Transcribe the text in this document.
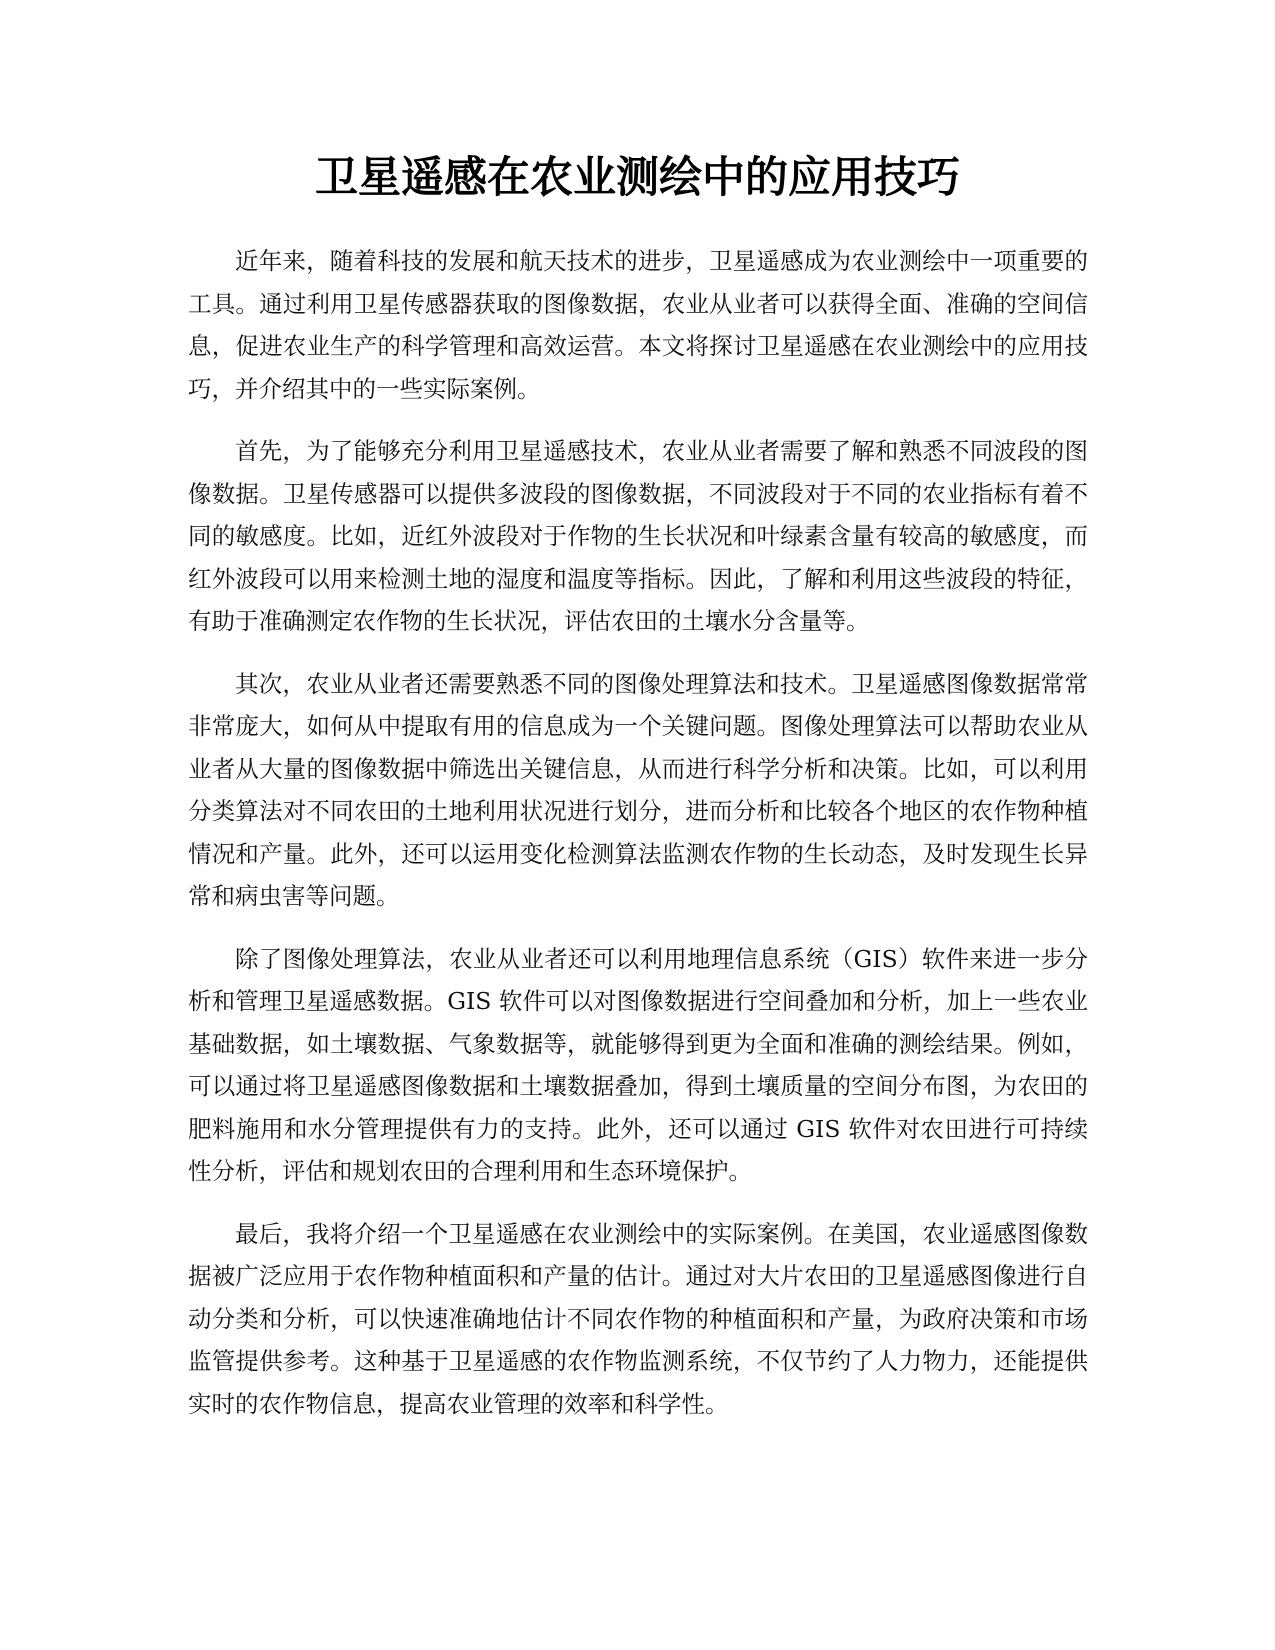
卫星遥感在农业测绘中的应用技巧

近年来，随着科技的发展和航天技术的进步，卫星遥感成为农业测绘中一项重要的工具。通过利用卫星传感器获取的图像数据，农业从业者可以获得全面、准确的空间信息，促进农业生产的科学管理和高效运营。本文将探讨卫星遥感在农业测绘中的应用技巧，并介绍其中的一些实际案例。

首先，为了能够充分利用卫星遥感技术，农业从业者需要了解和熟悉不同波段的图像数据。卫星传感器可以提供多波段的图像数据，不同波段对于不同的农业指标有着不同的敏感度。比如，近红外波段对于作物的生长状况和叶绿素含量有较高的敏感度，而红外波段可以用来检测土地的湿度和温度等指标。因此，了解和利用这些波段的特征，有助于准确测定农作物的生长状况，评估农田的土壤水分含量等。

其次，农业从业者还需要熟悉不同的图像处理算法和技术。卫星遥感图像数据常常非常庞大，如何从中提取有用的信息成为一个关键问题。图像处理算法可以帮助农业从业者从大量的图像数据中筛选出关键信息，从而进行科学分析和决策。比如，可以利用分类算法对不同农田的土地利用状况进行划分，进而分析和比较各个地区的农作物种植情况和产量。此外，还可以运用变化检测算法监测农作物的生长动态，及时发现生长异常和病虫害等问题。

除了图像处理算法，农业从业者还可以利用地理信息系统（GIS）软件来进一步分析和管理卫星遥感数据。GIS 软件可以对图像数据进行空间叠加和分析，加上一些农业基础数据，如土壤数据、气象数据等，就能够得到更为全面和准确的测绘结果。例如，可以通过将卫星遥感图像数据和土壤数据叠加，得到土壤质量的空间分布图，为农田的肥料施用和水分管理提供有力的支持。此外，还可以通过 GIS 软件对农田进行可持续性分析，评估和规划农田的合理利用和生态环境保护。

最后，我将介绍一个卫星遥感在农业测绘中的实际案例。在美国，农业遥感图像数据被广泛应用于农作物种植面积和产量的估计。通过对大片农田的卫星遥感图像进行自动分类和分析，可以快速准确地估计不同农作物的种植面积和产量，为政府决策和市场监管提供参考。这种基于卫星遥感的农作物监测系统，不仅节约了人力物力，还能提供实时的农作物信息，提高农业管理的效率和科学性。
